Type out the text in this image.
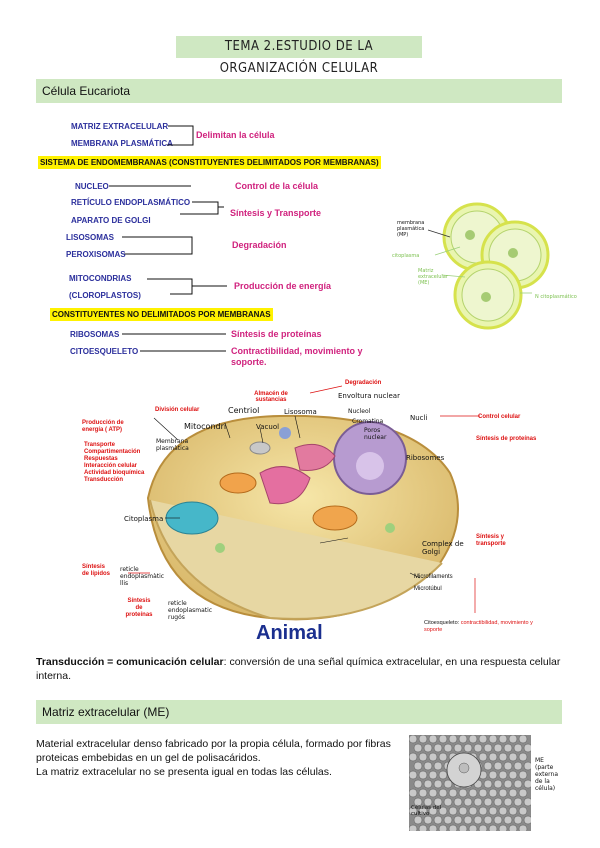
TEMA 2.ESTUDIO DE LA ORGANIZACIÓN CELULAR
Célula Eucariota
MATRIZ EXTRACELULAR
MEMBRANA PLASMÁTICA
Delimitan la célula
SISTEMA DE ENDOMEMBRANAS (CONSTITUYENTES DELIMITADOS POR MEMBRANAS)
NUCLEO	Control de la célula
RETÍCULO ENDOPLASMÁTICO
APARATO DE GOLGI
Síntesis y Transporte
LISOSOMAS
PEROXISOMAS
Degradación
MITOCONDRIAS
(CLOROPLASTOS)
Producción de energía
CONSTITUYENTES NO DELIMITADOS POR MEMBRANAS
RIBOSOMAS	Síntesis de proteínas
CITOESQUELETO	Contractibilidad, movimiento y soporte.
membrana plasmática (MP)
citoplasma
Matriz extracelular (ME)
N citoplasmático
Degradación
Almacén de sustancias
División celular	Centriol
Vacuol
Lisosoma
Envoltura nuclear
Nucleol
Cromatina
Poros nuclear
Nucli	Control celular
Síntesis de proteínas
Ribosomes
Producción de energía ( ATP)	Mitocondri
Membrana plasmàtica
Transporte
Compartimentación
Respuestas
Interacción celular
Actividad bioquímica
Transducción
Citoplasma
Complex de Golgi
Síntesis y transporte
Síntesis de lípidos
reticle endoplasmàtic llis
Síntesis de proteínas
reticle endoplasmatic rugós
Microfilaments
Microtúbul
Citoesqueleto: contractibilidad, movimiento y soporte
Animal
Transducción = comunicación celular: conversión de una señal química extracelular, en una respuesta celular interna.
Matriz extracelular (ME)
Material extracelular denso fabricado por la propia célula, formado por fibras proteicas embebidas en un gel de polisacáridos.
La matriz extracelular no se presenta igual en todas las células.
ME (parte externa de la célula)
Células del cultivo
